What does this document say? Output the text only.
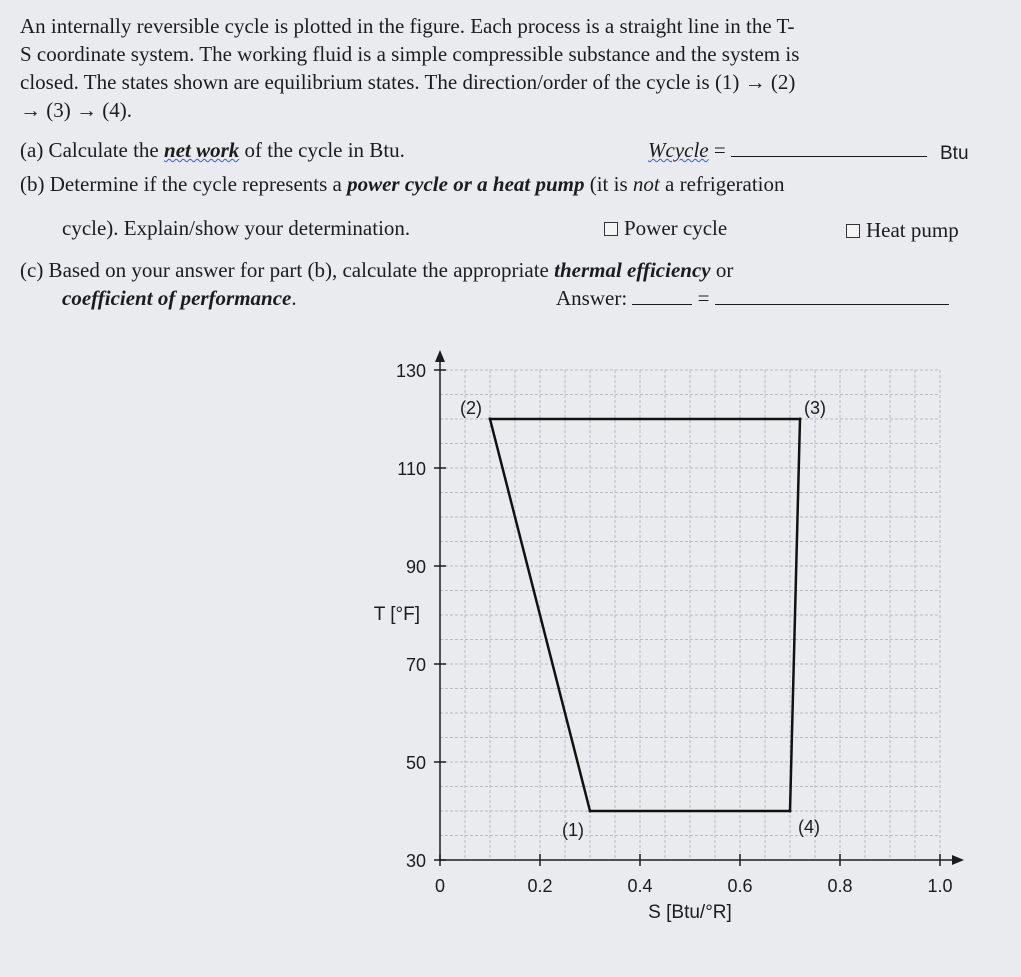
An internally reversible cycle is plotted in the figure. Each process is a straight line in the T-
S coordinate system. The working fluid is a simple compressible substance and the system is
closed. The states shown are equilibrium states. The direction/order of the cycle is (1) → (2)
→ (3) → (4).
(a) Calculate the net work of the cycle in Btu.	Wcycle =	Btu
(b) Determine if the cycle represents a power cycle or a heat pump (it is not a refrigeration
cycle). Explain/show your determination.	Power cycle	Heat pump
(c) Based on your answer for part (b), calculate the appropriate thermal efficiency or
coefficient of performance.	Answer:	=
0	0.2	0.4	0.6	0.8	1.0
30
50
70
90
110
130
S [Btu/°R]
T [°F]
(1)
(2)	(3)
(4)
